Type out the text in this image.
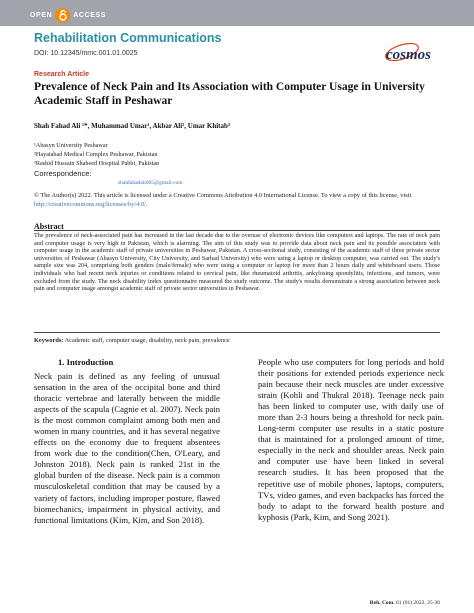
OPEN	ACCESS
Rehabilitation Communications
DOI: 10.12345/mmc.001.01.0025	cosmos
Research Article
Prevalence of Neck Pain and Its Association with Computer Usage in University Academic Staff in Peshawar
Shah Fahad Ali ¹*, Muhammad Umar¹, Akbar Ali², Umar Khitab³
¹Abasyn University Peshawar
²Hayatabad Medical Complex Peshawar, Pakistan
³Rashid Hussain Shaheed Hospital Pabbi, Pakistan
Correspondence:
shahfahadali005@gmail.com
© The Author(s) 2022. This article is licensed under a Creative Commons Attribution 4.0 International License. To view a copy of this license, visit http://creativecommons.org/licenses/by/4.0/.
Abstract
The prevalence of neck-associated pain has increased in the last decade due to the overuse of electronic devices like computers and laptops. The rate of neck pain and computer usage is very high in Pakistan, which is alarming. The aim of this study was to provide data about neck pain and its possible association with computer usage in the academic staff of private universities in Peshawar, Pakistan. A cross-sectional study, consisting of the academic staff of three private sector universities of Peshawar (Abasyn University, City University, and Sarhad University) who were using a laptop or desktop computer, was carried out. The study's sample size was 204, comprising both genders (male/female) who were using a computer or laptop for more than 2 hours daily and whiteboard users. Those individuals who had recent neck injuries or conditions related to cervical pain, like rheumatoid arthritis, ankylosing spondylitis, infections, and tumors, were excluded from the study. The neck disability index questionnaire measured the study outcome. The study's results demonstrate a strong association between neck pain and computer usage amongst academic staff of private sector universities in Peshawar.
Keywords: Academic staff, computer usage, disability, neck pain, prevalence
1. Introduction
Neck pain is defined as any feeling of unusual sensation in the area of the occipital bone and third thoracic vertebrae and laterally between the middle aspects of the scapula (Cagnie et al. 2007). Neck pain is the most common complaint among both men and women in many countries, and it has several negative effects on the economy due to frequent absentees from work due to the condition(Chen, O'Leary, and Johnston 2018). Neck pain is ranked 21st in the global burden of the disease. Neck pain is a common musculoskeletal condition that may be caused by a variety of factors, including improper posture, flawed biomechanics, impairment in physical activity, and functional limitations (Kim, Kim, and Son 2018).
People who use computers for long periods and hold their positions for extended periods experience neck pain because their neck muscles are under excessive strain (Kohli and Thukral 2018). Teenage neck pain has been linked to computer use, with daily use of more than 2-3 hours being a threshold for neck pain. Long-term computer use results in a static posture that is maintained for a prolonged amount of time, especially in the neck and shoulder areas. Neck pain and computer use have been linked in several research studies. It has been proposed that the repetitive use of mobile phones, laptops, computers, TVs, video games, and even backpacks has forced the body to adapt to the forward health posture and kyphosis (Park, Kim, and Song 2021).
Reh. Com. 01 (01) 2022, 25-30
